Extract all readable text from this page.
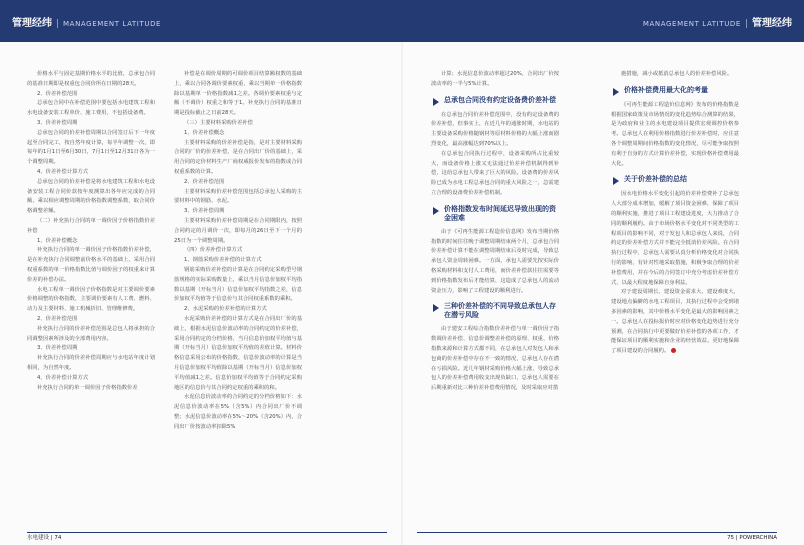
管理经纬 | MANAGEMENT LATITUDE	MANAGEMENT LATITUDE | 管理经纬

价格水平与固定基期价格水平的比值，总承包合同的基准日期即是权重包合同价所在日期的28天。

2、价差补偿范围

总承包合同中在补偿范围中要包括水电建筑工程和水电设备安装工程单价、施工费用，不包括设备费。

3、价差补偿周期

总承包合同的价差补偿周期以合同签订后下一年度起至合同完工，按自然年度计算，每半年调整一次，即每年的1月1日至6月30日，7月1日至12月31日各为一个调整周期。

4、价差补偿计算方式

总承包合同的价差补偿是将水电建筑工程和水电设备安装工程合同价款按年度测算出各年应完成的合同额，乘以相应调整周期的价格指数调整系数，取合同价格调整差额。

（二）补充执行合同的单一调价因子价格指数价差补偿

1、价差补偿概念

补充执行合同的单一调价因子价格指数价差补偿，是在补充执行合同调整前价格水平的基础上，采用合同权重系数的单一价格指数比值与调价因子的权重来计算价差的补偿办法。

水电工程单一调价因子价格指数是对主要调价要素价格调整的价格指数，主要调价要素有人工费、燃料、动力及主要材料、施工机械折旧、管理维修费。

2、价差补偿范围

补充执行合同的价差补偿范围是总包人将承担的合同调整因素所涉及的全部费用内容。

3、价差补偿周期

补充执行合同的价差补偿周期应与水电站年度计划相同，为自然年度。

4、价差补偿计算方式

补充执行合同的单一调价因子价格指数价差

补偿是在调价周期的可调价项目结算额权数的基础上，乘以合同各调价要素权重，乘以当期单一价格指数除以基期单一价格指数减1之差。各调价要素权重与定额（不调价）权重之和等于1。补充执行合同的基准日期是投标截止之日前28天。

（三）主要材料采购价差补偿

1、价差补偿概念

主要材料采购的价差补偿是指，是对主要材料采购合同的厂价的价差补偿，是在合同出厂价的基础上，采用合同的定价材料生产厂商权威报价发布的指数或合同权重系数的计算。

2、价差补偿范围

主要材料采购价差补偿范围包括总承包人采购的主要材料中的钢筋、水泥。

3、价差补偿周期

主要材料采购价差补偿周期是在合同期限内，按照合同约定的月调价一次，即每月的26日至下一个月的25日为一个调整周期。

（四）价差补偿计算方式

1、钢筋采购价差补偿的计算方式

钢筋采购价差补偿的计算是在合同约定采购型号钢筋规格的实际采购数量上，乘以当月信息价加权平均指数以基期（开标当月）信息价加权平均指数之差，信息价加权平均值等于信息价与其合同权重系数的乘积。

2、水泥采购的价差补偿的计算方式

水泥采购价差补偿的计算方式是在合同出厂价的基础上，根据水泥信息价波动率的合同约定的价差补偿，采用合同约定的分档价格，当月信息价加权平均值与基期（开标当月）信息价加权平均值的差值计算。材料价格信息采用公布的价格指数，信息价波动率的计算是当月信息价加权平均值除以基期（开标当月）信息价加权平均值减1之差。信息价加权平均值等于合同约定采购地区的信息价与其合同约定权重的乘积的和。

水泥信息价波动率的合同约定的分档价格如下：水泥信息价波动率在5%（含5%）内合同出厂价不调整；水泥信息价波动率在5%～20%（含20%）内，合同出厂价按波动率扣除5%

计算；水泥信息价波动率超过20%，合同出厂价按波动率的一半与5%计算。

总承包合同没有约定设备费价差补偿

在总承包合同价差补偿范围中，没有约定设备费的价差补偿，但事实上，在近几年的通胀时期，水电站的主要设备采购价格随钢材等原材料价格的大幅上涨而剧烈变化，最高涨幅达到70%以上。

在总承包合同执行过程中，设备采购所占比重较大，而设备价格上涨又无法通过价差补偿机制得到补偿，这给总承包人带来了巨大的风险。设备费的价差风险已成为水电工程总承包合同的重大风险之一，急需建立合理的设备费价差补偿机制。

价格指数发布时间延迟导致出现的资金困难

由于《可再生能源工程造价信息网》发布当期价格指数的时间往往晚于调整周期结束两个月，总承包合同价差补偿计算不能在调整周期结束后及时完成，导致总承包人资金周转困难。一方面，承包人需要先按实际价格采购材料和支付人工费用，而价差补偿款往往需要等到价格指数发布后才能结算，这造成了总承包人的流动资金压力，影响了工程建设的顺利进行。

三种价差补偿的不同导致总承包人存在潜亏风险

由于建安工程综合指数价差补偿与单一调价因子指数调价差补偿、信息价调整差补偿的原理、权重、价格指数来源和计算方式都不同，在总承包人对发包人和承包商的价差补偿中存在不一致的情况，总承包人存在潜在亏损风险。近几年钢材采购价格大幅上涨，导致总承包人的价差补偿费用收支出现负缺口，总承包人需要在后期重新对比三种价差补偿费用情况，及时采取应对措

施措施，减小或抵消总承包人的价差补偿风险。

价格补偿费用最大化的考量

《可再生能源工程造价信息网》发布的价格指数是根据国家政策及市场情况的变化趋势综合测算的结果，是为政府和业主的水电建设项目提供宏观调控价格参考。总承包人在利用价格指数进行价差补偿时，应注意各个调整周期间价格指数的变化情况，尽可能争取按照有利于自身的方式计算价差补偿，实现价格补偿费用最大化。

关于价差补偿的总结

因水电价格水平变化引起的价差补偿费补了总承包人大部分成本增加，缓解了项目资金困难，保障了项目的顺利实施，推进了项目工程建设进度，大力推动了合同的顺利履约。由于市场价格水平变化对不同类型的工程项目的影响不同，对于发包人和总承包人来说，合同约定的价差补偿方式并不能完全抵消价差风险。在合同执行过程中，总承包人需要认真分析价格变化对合同执行的影响，有针对性地采取措施，积极争取合理的价差补偿费用，并在今后的合同签订中充分考虑价差补偿方式，以最大程度地保障自身利益。

对于建设周期长、建设资金需求大、建设难度大，建设地点偏僻的水电工程项目，其执行过程中会受到诸多因素的影响，其中价格水平变化是最大的影响因素之一。总承包人在投标报价时应对价格变化趋势进行充分预测，在合同执行中更要做好价差补偿的各项工作，才能保证项目的顺利实施和企业的经营效益。更好地保障了项目建设的合同履约。

水电建设 | 74	75 | POWERCHINA
